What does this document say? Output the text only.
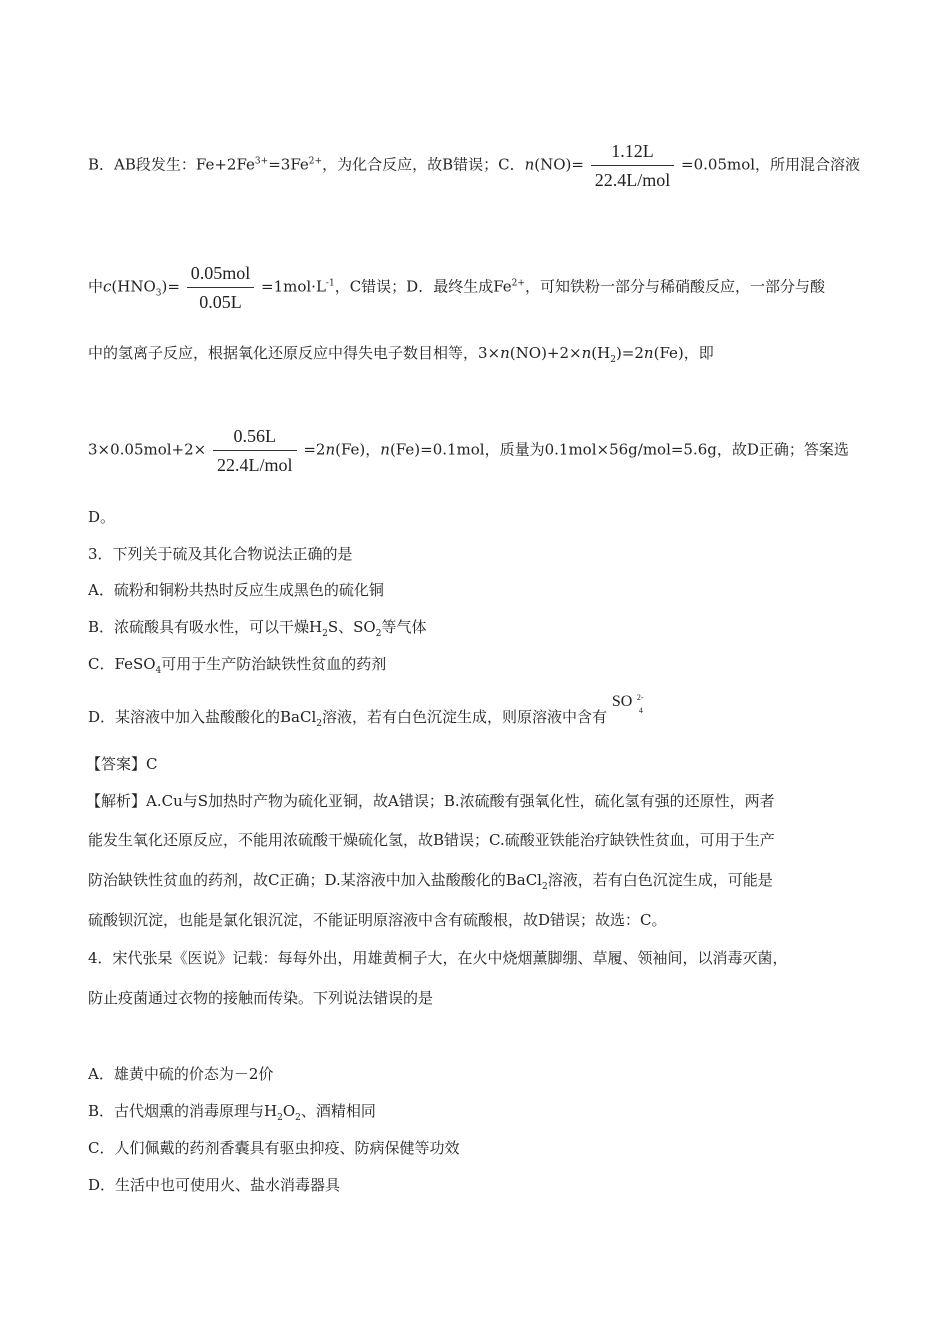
B．AB段发生：$Fe+2Fe^{3+}=3Fe^{2+}$，为化合反应，故B错误；C．$n(NO)= \frac{1.12L}{\text{22.4L/mol}} =0.05mol$，所用混合溶液
中$c(HNO_3)= \frac{\text{0.05mol}}{0.05L} =1mol\cdot L^{-1}$，C错误；D．最终生成$Fe^{2+}$，可知铁粉一部分与稀硝酸反应，一部分与酸
中的氢离子反应，根据氧化还原反应中得失电子数目相等，$3\times n(NO)+2\times n(H_2)=2n(Fe)$，即
$3\times 0.05mol+2\times \frac{0.56L}{\text{22.4L/mol}} =2n(Fe)$，n(Fe)=0.1mol，质量为0.1mol×56g/mol=5.6g，故D正确；答案选
D。
3．下列关于硫及其化合物说法正确的是
A．硫粉和铜粉共热时反应生成黑色的硫化铜
B．浓硫酸具有吸水性，可以干燥$H_2S$、$SO_2$等气体
C．FeSO$_4$可用于生产防治缺铁性贫血的药剂
D．某溶液中加入盐酸酸化的BaCl$_2$溶液，若有白色沉淀生成，则原溶液中含有
SO 2-
4
【答案】C
【解析】A.Cu与S加热时产物为硫化亚铜，故A错误；B.浓硫酸有强氧化性，硫化氢有强的还原性，两者
能发生氧化还原反应，不能用浓硫酸干燥硫化氢，故B错误；C.硫酸亚铁能治疗缺铁性贫血，可用于生产
防治缺铁性贫血的药剂，故C正确；D.某溶液中加入盐酸酸化的BaCl$_2$溶液，若有白色沉淀生成，可能是
硫酸钡沉淀，也能是氯化银沉淀，不能证明原溶液中含有硫酸根，故D错误；故选：C。
4．宋代张杲《医说》记载：每每外出，用雄黄桐子大，在火中烧烟薰脚绷、草履、领袖间，以消毒灭菌，
防止疫菌通过衣物的接触而传染。下列说法错误的是
A．雄黄中硫的价态为－2价
B．古代烟熏的消毒原理与$H_2O_2$、酒精相同
C．人们佩戴的药剂香囊具有驱虫抑疫、防病保健等功效
D．生活中也可使用火、盐水消毒器具
